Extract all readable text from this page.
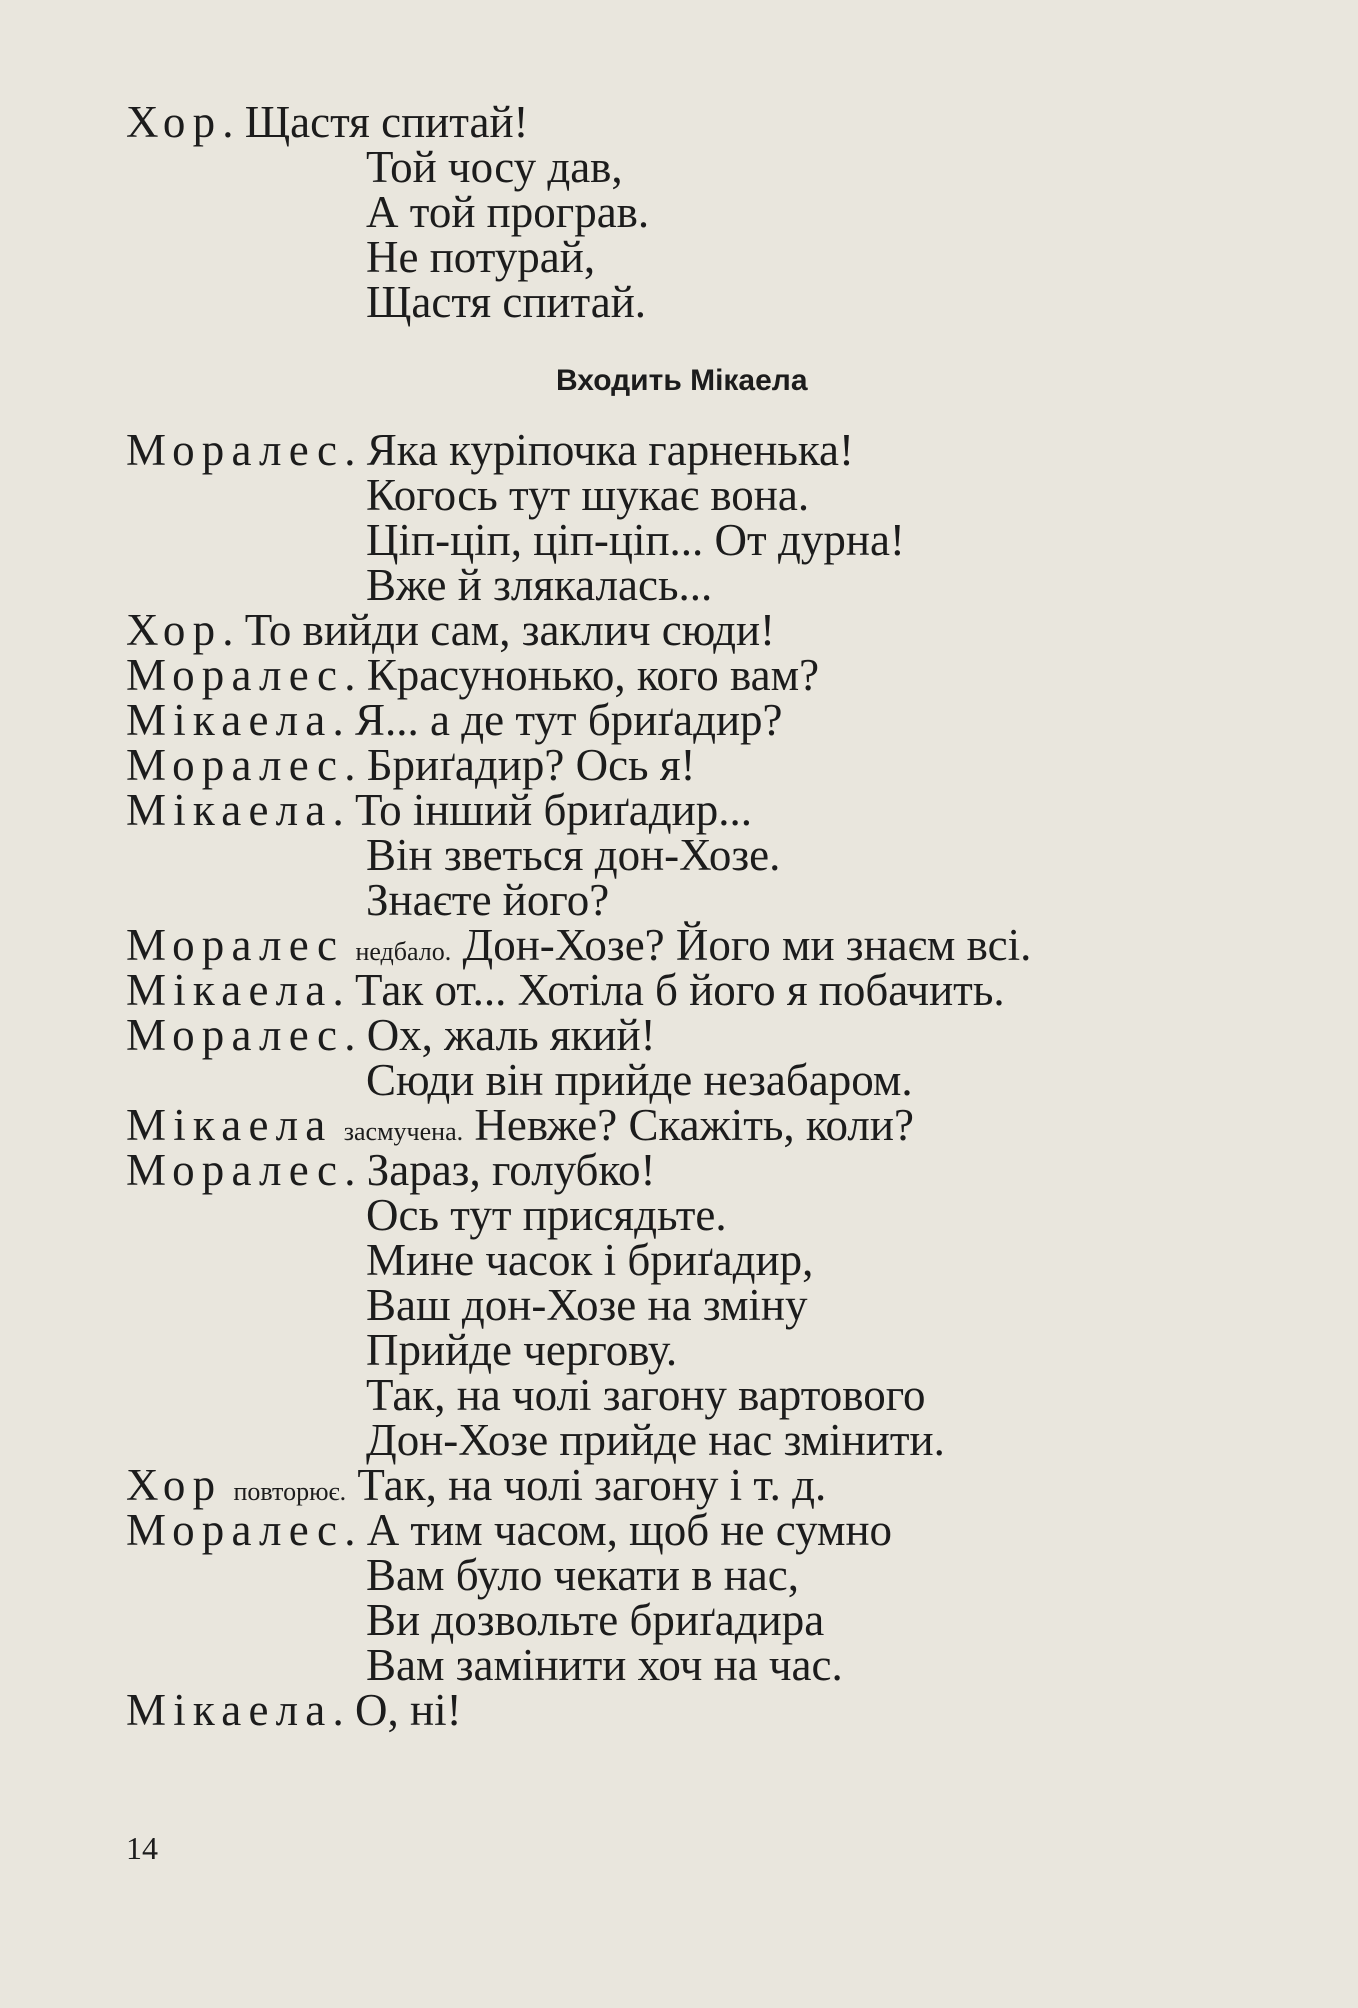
Входить Мікаела
Хор. Щастя спитай!
Той чосу дав,
А той програв.
Не потурай,
Щастя спитай.
Моралес. Яка куріпочка гарненька!
Когось тут шукає вона.
Ціп-ціп, ціп-ціп... От дурна!
Вже й злякалась...
Хор. То вийди сам, заклич сюди!
Моралес. Красунонько, кого вам?
Мікаела. Я... а де тут бриґадир?
Моралес. Бриґадир? Ось я!
Мікаела. То інший бриґадир...
Він зветься дон-Хозе.
Знаєте його?
Моралес недбало. Дон-Хозе? Його ми знаєм всі.
Мікаела. Так от... Хотіла б його я побачить.
Моралес. Ох, жаль який!
Сюди він прийде незабаром.
Мікаела засмучена. Невже? Скажіть, коли?
Моралес. Зараз, голубко!
Ось тут присядьте.
Мине часок і бриґадир,
Ваш дон-Хозе на зміну
Прийде чергову.
Так, на чолі загону вартового
Дон-Хозе прийде нас змінити.
Хор повторює. Так, на чолі загону і т. д.
Моралес. А тим часом, щоб не сумно
Вам було чекати в нас,
Ви дозвольте бриґадира
Вам замінити хоч на час.
Мікаела. О, ні!
14
